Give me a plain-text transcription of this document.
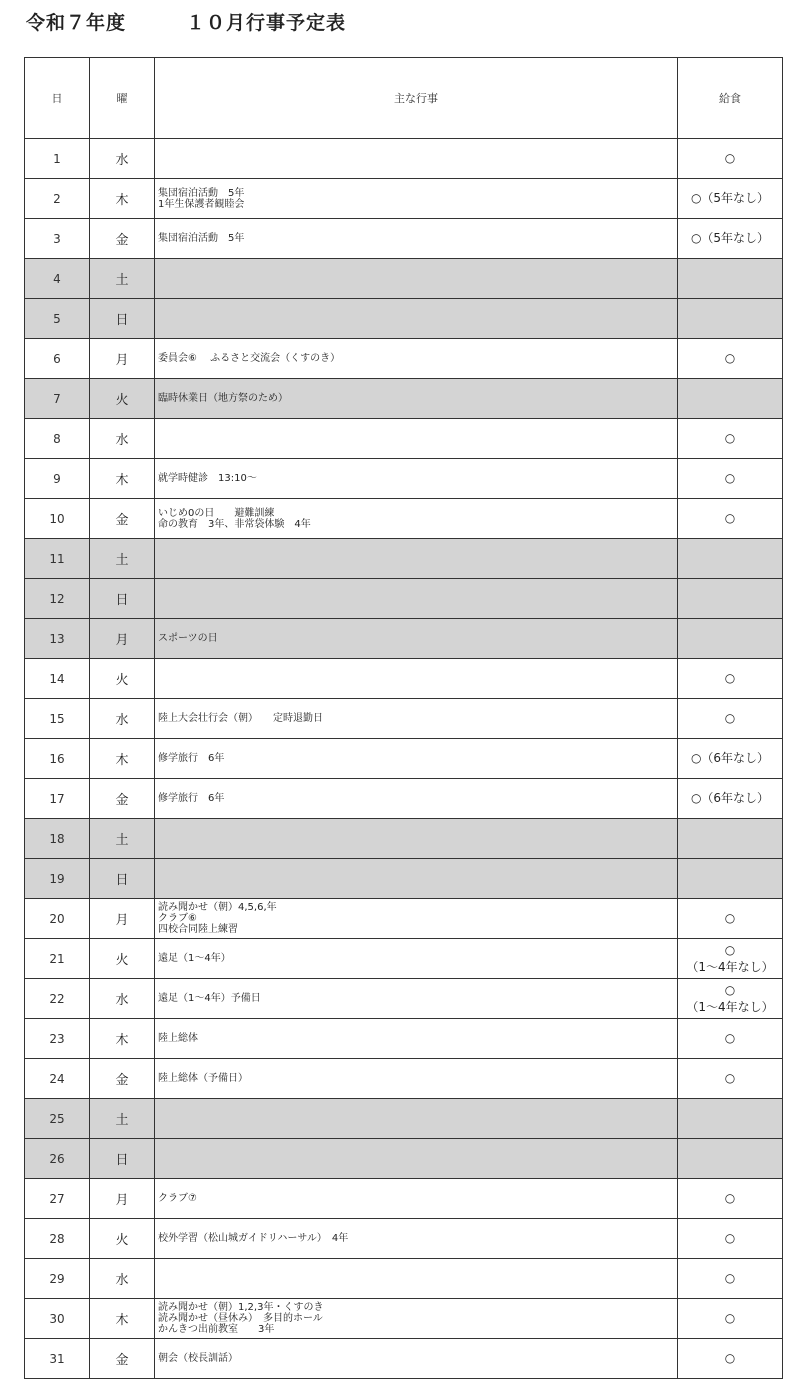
令和７年度　　　１０月行事予定表
日	曜	主な行事	給食
1	水		○
2	木	集団宿泊活動　5年
1年生保護者観睦会	○（5年なし）
3	金	集団宿泊活動　5年	○（5年なし）
4	土		
5	日		
6	月	委員会⑥　 ふるさと交流会（くすのき）	○
7	火	臨時休業日（地方祭のため）	
8	水		○
9	木	就学時健診　13:10～	○
10	金	いじめ0の日　　避難訓練
命の教育　3年、非常袋体験　4年	○
11	土		
12	日		
13	月	スポーツの日	
14	火		○
15	水	陸上大会壮行会（朝）　　定時退勤日	○
16	木	修学旅行　6年	○（6年なし）
17	金	修学旅行　6年	○（6年なし）
18	土		
19	日		
20	月	読み聞かせ（朝）4,5,6,年
クラブ⑥
四校合同陸上練習	○
21	火	遠足（1～4年）	○
（1～4年なし）
22	水	遠足（1～4年）予備日	○
（1～4年なし）
23	木	陸上総体	○
24	金	陸上総体（予備日）	○
25	土		
26	日		
27	月	クラブ⑦	○
28	火	校外学習（松山城ガイドリハーサル）　4年	○
29	水		○
30	木	読み聞かせ（朝）1,2,3年・くすのき
読み聞かせ（昼休み）　多目的ホール
かんきつ出前教室　　3年	○
31	金	朝会（校長訓話）	○
